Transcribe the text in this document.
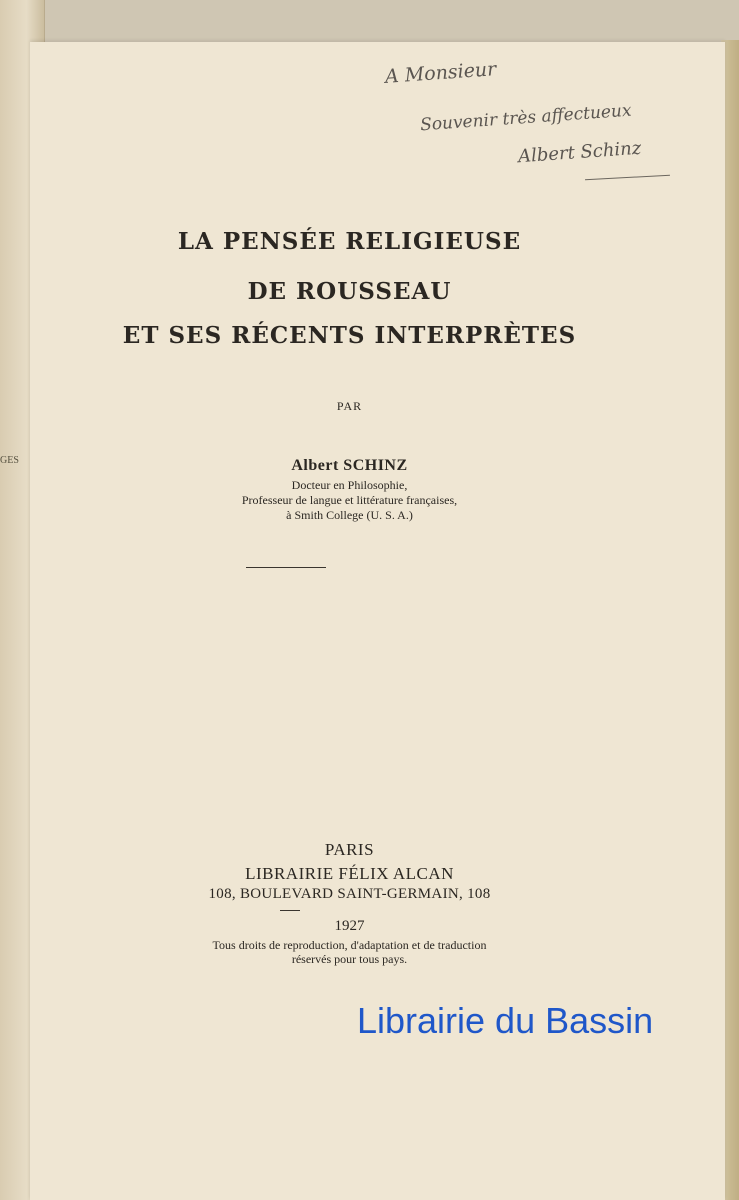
GES
A Monsieur
Souvenir très affectueux
Albert Schinz
LA PENSÉE RELIGIEUSE
DE ROUSSEAU
ET SES RÉCENTS INTERPRÈTES
PAR
Albert SCHINZ
Docteur en Philosophie,
Professeur de langue et littérature françaises,
à Smith College (U. S. A.)
PARIS
LIBRAIRIE FÉLIX ALCAN
108, BOULEVARD SAINT-GERMAIN, 108
1927
Tous droits de reproduction, d'adaptation et de traduction
réservés pour tous pays.
Librairie du Bassin
